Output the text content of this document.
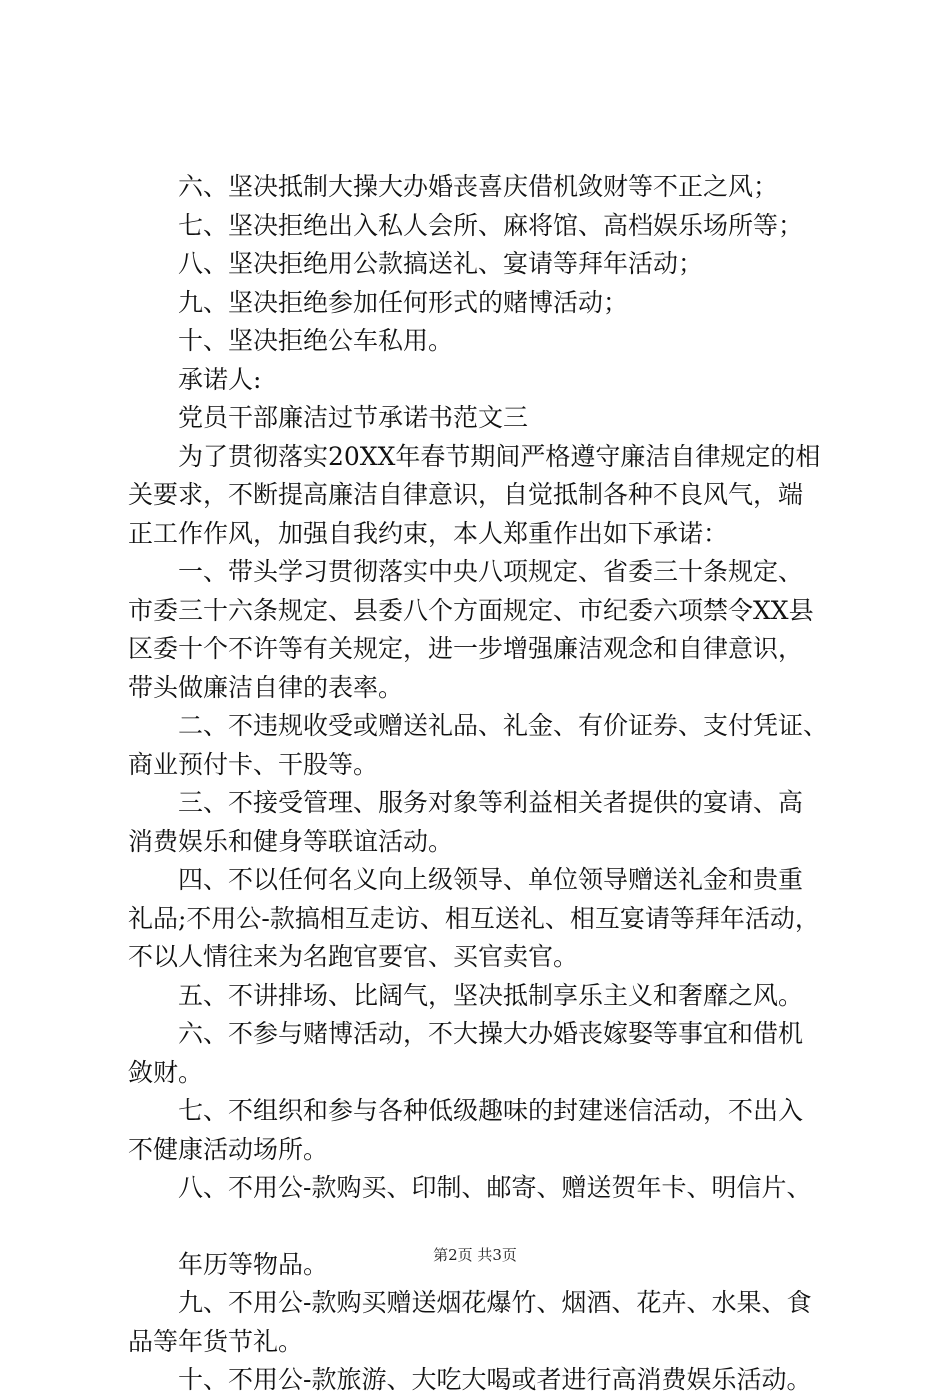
六、坚决抵制大操大办婚丧喜庆借机敛财等不正之风；
七、坚决拒绝出入私人会所、麻将馆、高档娱乐场所等；
八、坚决拒绝用公款搞送礼、宴请等拜年活动；
九、坚决拒绝参加任何形式的赌博活动；
十、坚决拒绝公车私用。
承诺人:
党员干部廉洁过节承诺书范文三
为了贯彻落实20XX年春节期间严格遵守廉洁自律规定的相
关要求，不断提高廉洁自律意识，自觉抵制各种不良风气，端
正工作作风，加强自我约束，本人郑重作出如下承诺：
一、带头学习贯彻落实中央八项规定、省委三十条规定、
市委三十六条规定、县委八个方面规定、市纪委六项禁令XX县
区委十个不许等有关规定，进一步增强廉洁观念和自律意识，
带头做廉洁自律的表率。
二、不违规收受或赠送礼品、礼金、有价证券、支付凭证、
商业预付卡、干股等。
三、不接受管理、服务对象等利益相关者提供的宴请、高
消费娱乐和健身等联谊活动。
四、不以任何名义向上级领导、单位领导赠送礼金和贵重
礼品;不用公-款搞相互走访、相互送礼、相互宴请等拜年活动，
不以人情往来为名跑官要官、买官卖官。
五、不讲排场、比阔气，坚决抵制享乐主义和奢靡之风。
六、不参与赌博活动，不大操大办婚丧嫁娶等事宜和借机
敛财。
七、不组织和参与各种低级趣味的封建迷信活动，不出入
不健康活动场所。
八、不用公-款购买、印制、邮寄、赠送贺年卡、明信片、
年历等物品。
九、不用公-款购买赠送烟花爆竹、烟酒、花卉、水果、食
品等年货节礼。
十、不用公-款旅游、大吃大喝或者进行高消费娱乐活动。
第2页 共3页
